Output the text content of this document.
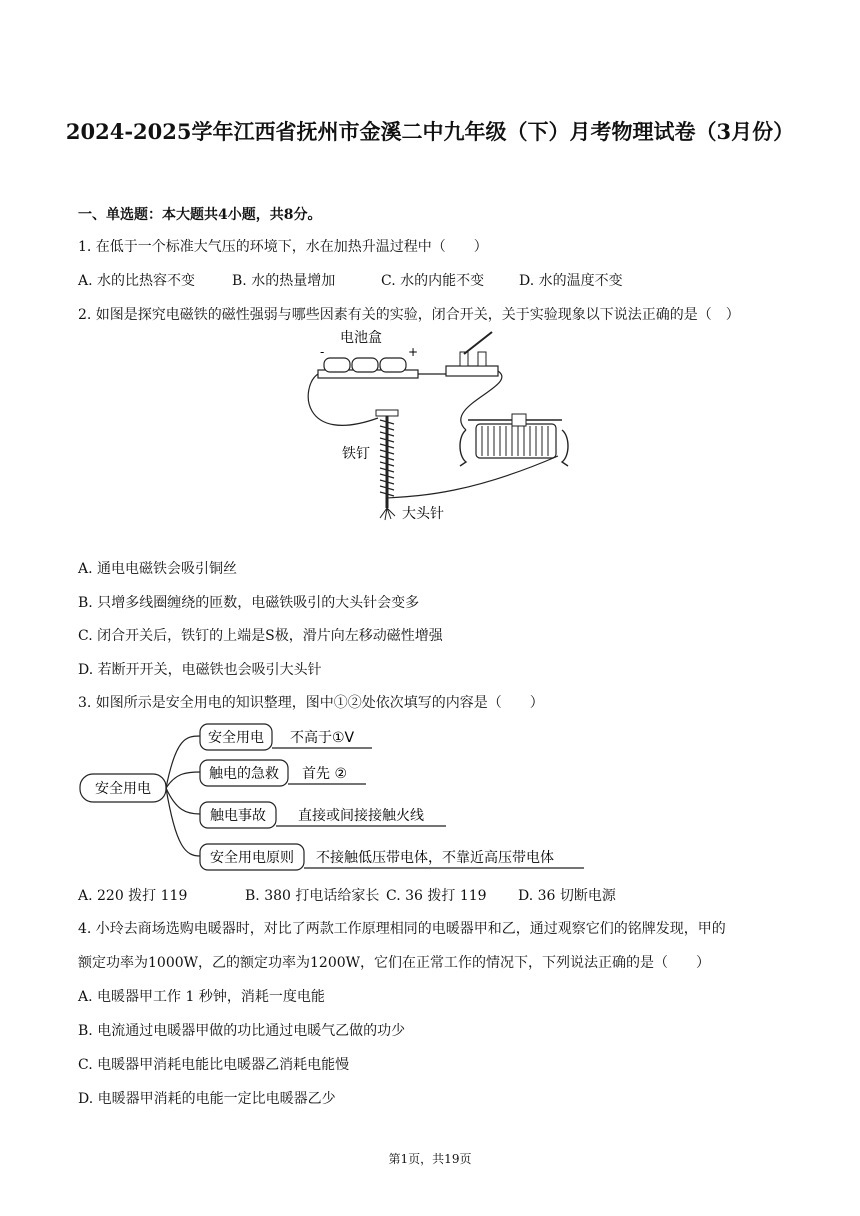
2024-2025学年江西省抚州市金溪二中九年级（下）月考物理试卷（3月份）
一、单选题：本大题共4小题，共8分。
1. 在低于一个标准大气压的环境下，水在加热升温过程中（　　）
A. 水的比热容不变	B. 水的热量增加	C. 水的内能不变 D. 水的温度不变
2. 如图是探究电磁铁的磁性强弱与哪些因素有关的实验，闭合开关，关于实验现象以下说法正确的是（　）
电池盒
-	+
铁钉
大头针
A. 通电电磁铁会吸引铜丝
B. 只增多线圈缠绕的匝数，电磁铁吸引的大头针会变多
C. 闭合开关后，铁钉的上端是S极，滑片向左移动磁性增强
D. 若断开开关，电磁铁也会吸引大头针
3. 如图所示是安全用电的知识整理，图中①②处依次填写的内容是（　　）
安全用电
安全用电
触电的急救
触电事故
安全用电原则
不高于①V
首先 ②
直接或间接接触火线
不接触低压带电体，不靠近高压带电体
A. 220 拨打 119	B. 380 打电话给家长 C. 36 拨打 119 D. 36 切断电源
4. 小玲去商场选购电暖器时，对比了两款工作原理相同的电暖器甲和乙，通过观察它们的铭牌发现，甲的
额定功率为1000W，乙的额定功率为1200W，它们在正常工作的情况下，下列说法正确的是（　　）
A. 电暖器甲工作 1 秒钟，消耗一度电能
B. 电流通过电暖器甲做的功比通过电暖气乙做的功少
C. 电暖器甲消耗电能比电暖器乙消耗电能慢
D. 电暖器甲消耗的电能一定比电暖器乙少
第1页，共19页
